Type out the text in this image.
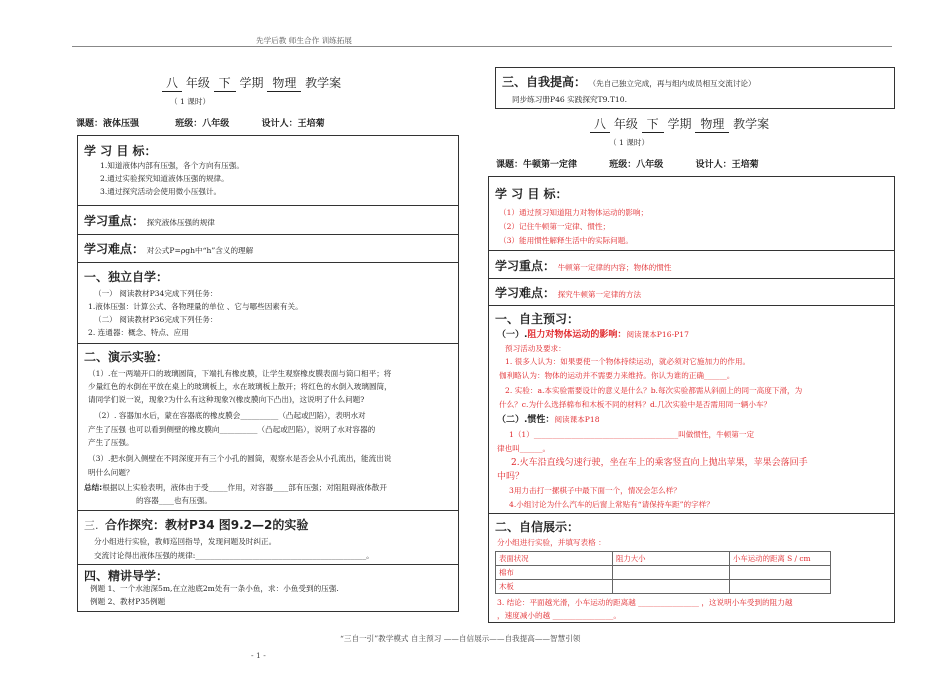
先学后教 师生合作 训练拓展
八 年级 下 学期 物理 教学案
（ 1 课时）
课题：液体压强	班级：八年级	设计人：王培菊
学 习 目 标：
1.知道液体内部有压强，各个方向有压强。
2.通过实验探究知道液体压强的规律。
3.通过探究活动会使用微小压强计。
学习重点： 探究液体压强的规律
学习难点： 对公式P=ρgh中“h”含义的理解
一、独立自学：
（一） 阅读教材P34完成下列任务：
1.液体压强：计算公式、各物理量的单位 、它与哪些因素有关。
（二） 阅读教材P36完成下列任务：
2. 连通器：概念、特点、应用
二、演示实验：
（1）.在一两端开口的玻璃圆筒，下端扎有橡皮膜，让学生观察橡皮膜表面与筒口相平；将
少量红色的水倒在平放在桌上的玻璃板上，水在玻璃板上散开；将红色的水倒入玻璃圆筒，
请同学们说一说，现象?为什么有这种现象?(橡皮膜向下凸出)，这说明了什么问题?
（2）. 容器加水后，蒙在容器底的橡皮膜会__________（凸起或凹陷），表明水对
产生了压强 也可以看到侧壁的橡皮膜向__________（凸起或凹陷），说明了水对容器的
产生了压强。
（3）.把水倒入侧壁在不同深度开有三个小孔的圆筒，观察水是否会从小孔流出，能流出说
明什么问题？
总结:根据以上实验表明，液体由于受_____作用，对容器____部有压强；对阻阻碍液体散开
的容器____也有压强。
三. 合作探究：教材P34 图9.2—2的实验
分小组进行实验，教师巡回指导，发现问题及时纠正。
交流讨论得出液体压强的规律:_____________________________________________。
四、精讲导学：
例题 1、一个水池深5m,在立池底2m处有一条小鱼，求：小鱼受到的压强.
例题 2、教材P35例题
三、自我提高： （先自己独立完成，再与组内成员相互交流讨论）
同步练习册P46 实践探究T9.T10.
八 年级 下 学期 物理 教学案
（ 1 课时）
课题：牛顿第一定律	班级：八年级	设计人：王培菊
学 习 目 标：
（1）通过预习知道阻力对物体运动的影响；
（2）记住牛顿第一定律、惯性；
（3）能用惯性解释生活中的实际问题。
学习重点： 牛顿第一定律的内容；物体的惯性
学习难点： 探究牛顿第一定律的方法
一、自主预习：
（一）.阻力对物体运动的影响：阅读课本P16-P17
预习活动及要求：
1. 很多人认为：如果要使一个物体持续运动，就必须对它施加力的作用。
伽利略认为：物体的运动并不需要力来维持。你认为谁的正确______。
2. 实验：a.本实验需要设计的意义是什么？b.每次实验都需从斜面上的同一高度下滑，为
什么？c.为什么选择棉布和木板不同的材料？d.几次实验中是否需用同一辆小车？
（二）.惯性：阅读课本P18
1（1）______________________________________叫做惯性，牛顿第一定
律也叫______。
2.火车沿直线匀速行驶，坐在车上的乘客竖直向上抛出苹果，苹果会落回手
中吗？
3用力击打一摞棋子中最下面一个，情况会怎么样？
4.小组讨论为什么汽车的后窗上常贴有“请保持车距”的字样？
二、自信展示：
分小组进行实验，并填写表格 ：
表面状况	阻力大小	小车运动的距离 S / cm
棉布		
木板		
3. 结论：平面越光滑，小车运动的距离越 ________________ ，这说明小车受到的阻力越
，速度减小的越 ________________。
“三自一引”教学模式 自主预习 ——自信展示——自我提高——智慧引领
- 1 -
